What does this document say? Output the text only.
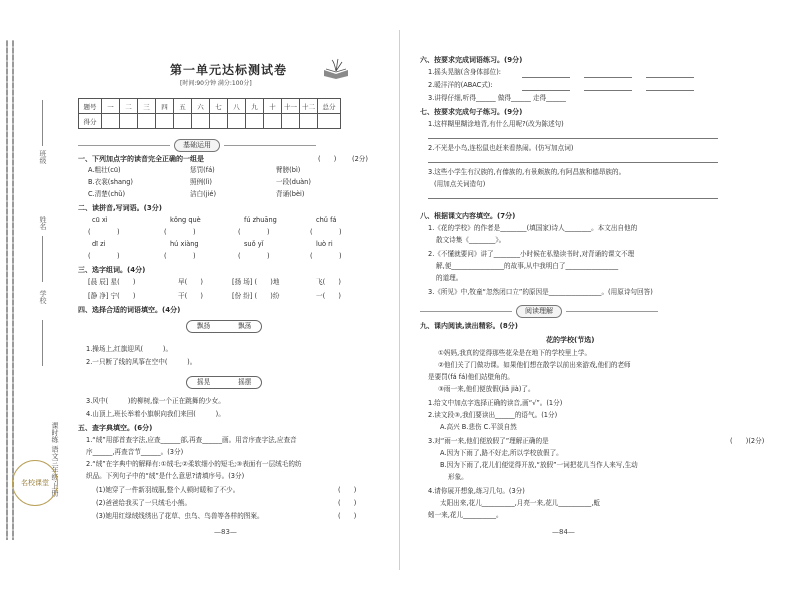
班级
姓名
学校
课时练 语文三年级·上册
名校课堂
第一单元达标测试卷
[时间:90分钟 满分:100分]
题号	一	二	三	四	五	六	七	八	九	十	十一	十二	总分
得分													
基础运用
一、下列加点字的读音完全正确的一组是	(　　) (2分)
A.粗壮(cū)	惩罚(fá)	臂膀(bì)
B.衣裳(shang)	照例(lì)	一段(duàn)
C.清楚(chǔ)	洁白(jié)	背诵(bèi)
二、读拼音,写词语。(3分)
cū xì	kǒng què	fú zhuāng	chǔ fá
(　　　　)	(　　　　)	(　　　　)	(　　　　)
dī zi	hú xiàng	suǒ yǐ	luò ri
(　　　　)	(　　　　)	(　　　　)	(　　　　)
三、选字组词。(4分)
[晨 辰] 星(　　)	早(　　)	[扬 场] (　　)地	飞(　　)
[静 净] 宁(　　)	干(　　)	[份 纷] (　　)纷	一(　　)
四、选择合适的词语填空。(4分)
飘扬	飘荡
1.操场上,红旗迎风(　　　)。
2.一只断了线的风筝在空中(　　　)。
摇晃	摇摆
3.风中(　　　)的柳树,像一个正在跳舞的少女。
4.山顶上,班长举着小旗帜向我们来回(　　　)。
五、查字典填空。(6分)
1.“绒”用部首查字法,应查______部,再查______画。用音序查字法,应查音
序______,再查音节______。(3分)
2.“绒”在字典中的解释有:①绒毛;②柔软细小的短毛;③表面有一层绒毛的纺
织品。下列句子中的“绒”是什么意思?请填序号。(3分)
(1)她穿了一件新羽绒服,整个人顿时暖和了不少。	(　　)
(2)爸爸给我买了一只绒毛小熊。	(　　)
(3)她用红绿绒线绣出了花草、虫鸟、鸟兽等各样的图案。	(　　)
—83—
六、按要求完成词语练习。(9分)
1.摇头晃脑(含身体部位):
2.暖洋洋的(ABAC式):
3.讲得仔细,听得______ 做得______ 走得______
七、按要求完成句子练习。(9分)
1.这样糊里糊涂地背,有什么用呢?(改为陈述句)
2.不光是小鸟,连松鼠也赶来看热闹。(仿写加点词)
3.这些小学生有汉族的,有傣族的,有景颇族的,有阿昌族和德昂族的。
(用加点关词造句)
八、根据课文内容填空。(7分)
1.《花的学校》的作者是________(填国家)诗人________。本文出自他的
散文诗集《________》。
2.《不懂就要问》讲了________小时候在私塾读书时,对背诵的课文不理
解,便________________的故事,从中我明白了________________
的道理。
3.《所见》中,牧童“忽然闭口立”的原因是________________。(用原诗句回答)
阅读理解
九、课内阅读,读出精彩。(8分)
花的学校(节选)
①妈妈,我真的觉得那些花朵是在地下的学校里上学。
②他们关了门做功课。如果他们想在散学以前出来游戏,他们的老师
是要罚(fá fá)他们站壁角的。
③雨一来,他们便放假(jiǎ jià)了。
1.给文中加点字选择正确的读音,画“√”。(1分)
2.读文段③,我们要读出______的语气。(1分)
A.高兴 B.悲伤 C.平淡自然
3.对“雨一来,他们便放假了”理解正确的是	(　　)(2分)
A.因为下雨了,路不好走,所以学校放假了。
B.因为下雨了,花儿们便觉得开放,“放假”一词把花儿当作人来写,生动
形象。
4.请你展开想象,练习几句。(3分)
太阳出来,花儿__________,月亮一来,花儿__________,蚯
蚓一来,花儿__________。
—84—
